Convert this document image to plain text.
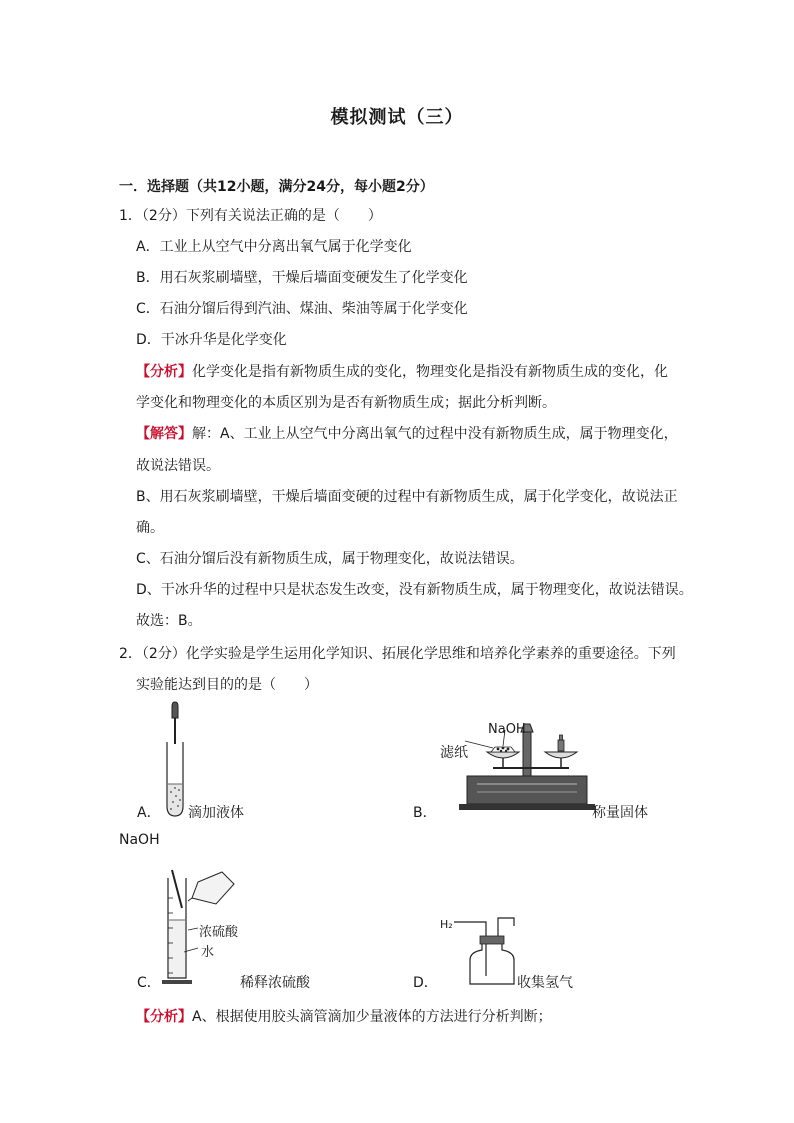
模拟测试（三）
一．选择题（共12小题，满分24分，每小题2分）
1．（2分）下列有关说法正确的是（　　）
A．工业上从空气中分离出氧气属于化学变化
B．用石灰浆刷墙壁，干燥后墙面变硬发生了化学变化
C．石油分馏后得到汽油、煤油、柴油等属于化学变化
D．干冰升华是化学变化
【分析】化学变化是指有新物质生成的变化，物理变化是指没有新物质生成的变化，化
学变化和物理变化的本质区别为是否有新物质生成；据此分析判断。
【解答】解：A、工业上从空气中分离出氧气的过程中没有新物质生成，属于物理变化，
故说法错误。
B、用石灰浆刷墙壁，干燥后墙面变硬的过程中有新物质生成，属于化学变化，故说法正
确。
C、石油分馏后没有新物质生成，属于物理变化，故说法错误。
D、干冰升华的过程中只是状态发生改变，没有新物质生成，属于物理变化，故说法错误。
故选：B。
2．（2分）化学实验是学生运用化学知识、拓展化学思维和培养化学素养的重要途径。下列
实验能达到目的的是（　　）
A． 滴加液体
NaOH
NaOH
滤纸
B．	称量固体
浓硫酸
水
C．	稀释浓硫酸
H₂
D．	收集氢气
【分析】A、根据使用胶头滴管滴加少量液体的方法进行分析判断；
